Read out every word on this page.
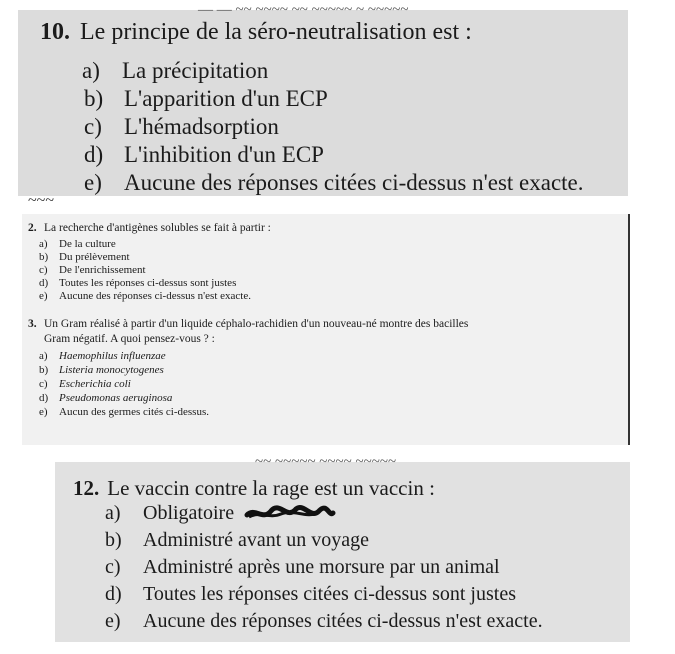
— — ~~ ~~~~ ~~ ~~~~~ ~ ~~~~~
10. Le principe de la séro-neutralisation est :
a) La précipitation
b) L'apparition d'un ECP
c) L'hémadsorption
d) L'inhibition d'un ECP
e) Aucune des réponses citées ci-dessus n'est exacte.
~~~
2. La recherche d'antigènes solubles se fait à partir :
a) De la culture
b) Du prélèvement
c) De l'enrichissement
d) Toutes les réponses ci-dessus sont justes
e) Aucune des réponses ci-dessus n'est exacte.
3. Un Gram réalisé à partir d'un liquide céphalo-rachidien d'un nouveau-né montre des bacilles
Gram négatif. A quoi pensez-vous ? :
a) Haemophilus influenzae
b) Listeria monocytogenes
c) Escherichia coli
d) Pseudomonas aeruginosa
e) Aucun des germes cités ci-dessus.
~~ ~~~~~ ~~~~ ~~~~~
12. Le vaccin contre la rage est un vaccin :
a) Obligatoire
b) Administré avant un voyage
c) Administré après une morsure par un animal
d) Toutes les réponses citées ci-dessus sont justes
e) Aucune des réponses citées ci-dessus n'est exacte.
